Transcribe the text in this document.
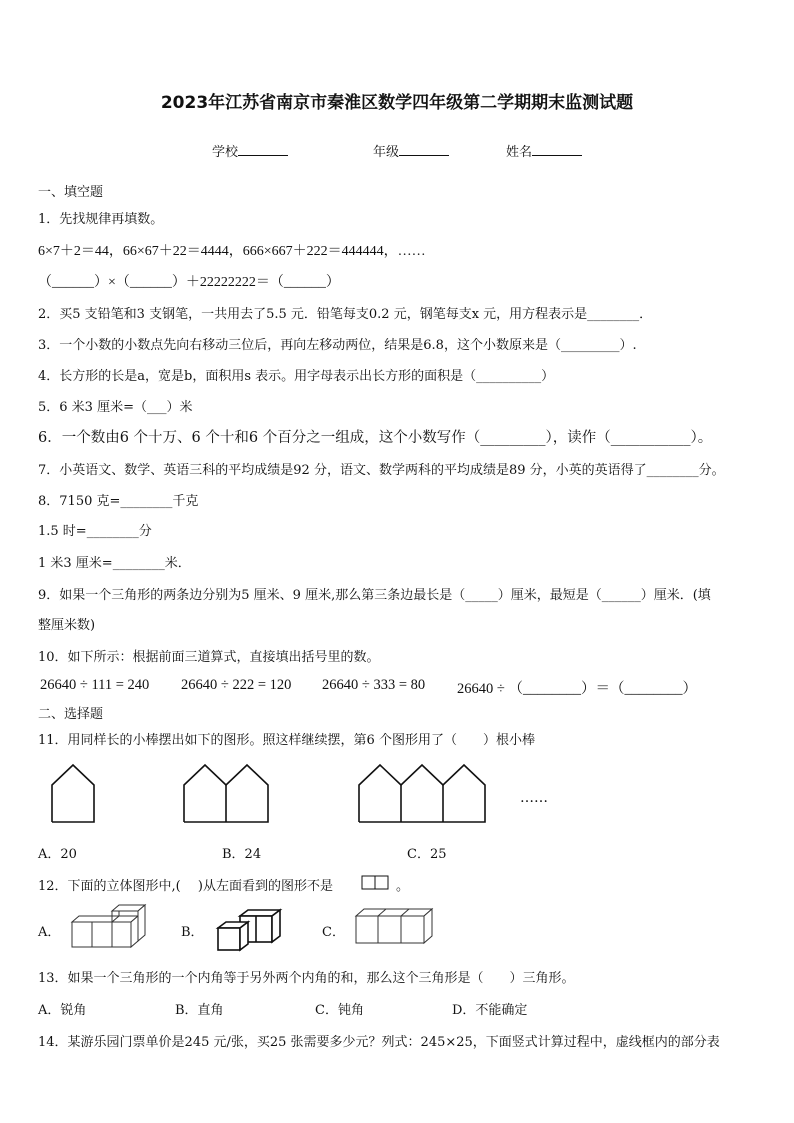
2023年江苏省南京市秦淮区数学四年级第二学期期末监测试题
学校	年级	姓名
一、填空题
1．先找规律再填数。
6×7＋2＝44，66×67＋22＝4444，666×667＋222＝444444，……
（______）×（______）＋22222222＝（______）
2．买5 支铅笔和3 支钢笔，一共用去了5.5 元．铅笔每支0.2 元，钢笔每支x 元，用方程表示是________．
3．一个小数的小数点先向右移动三位后，再向左移动两位，结果是6.8，这个小数原来是（_________）.
4．长方形的长是a，宽是b，面积用s 表示。用字母表示出长方形的面积是（__________）
5．6 米3 厘米=（___）米
6．一个数由6 个十万、6 个十和6 个百分之一组成，这个小数写作（_________），读作（___________）。
7．小英语文、数学、英语三科的平均成绩是92 分，语文、数学两科的平均成绩是89 分，小英的英语得了________分。
8．7150 克=________千克
1.5 时=________分
1 米3 厘米=________米．
9．如果一个三角形的两条边分别为5 厘米、9 厘米,那么第三条边最长是（_____）厘米，最短是（______）厘米．(填
整厘米数)
10．如下所示：根据前面三道算式，直接填出括号里的数。
26640 ÷ 111 = 240 26640 ÷ 222 = 120 26640 ÷ 333 = 80 26640 ÷ （________）＝（________）
二、选择题
11．用同样长的小棒摆出如下的图形。照这样继续摆，第6 个图形用了（　　）根小棒
……
A．20	B．24	C．25
12．下面的立体图形中,(　 )从左面看到的图形不是	。
A．	B．	C．
13．如果一个三角形的一个内角等于另外两个内角的和，那么这个三角形是（　　）三角形。
A．锐角	B．直角	C．钝角	D．不能确定
14．某游乐园门票单价是245 元/张，买25 张需要多少元？列式：245×25，下面竖式计算过程中，虚线框内的部分表
